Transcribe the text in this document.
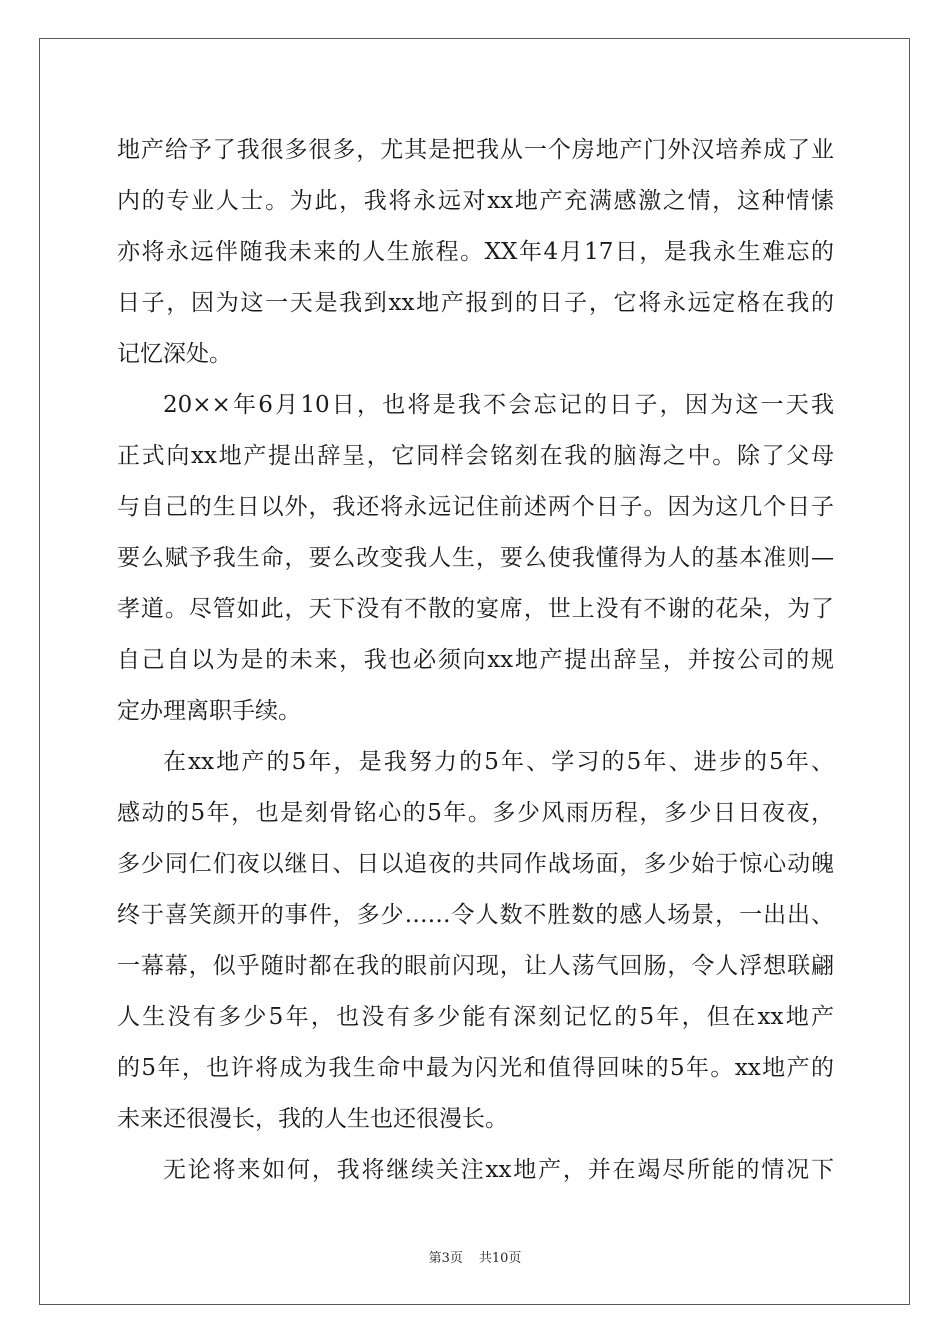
地产给予了我很多很多，尤其是把我从一个房地产门外汉培养成了业
内的专业人士。为此，我将永远对xx地产充满感激之情，这种情愫
亦将永远伴随我未来的人生旅程。XX年4月17日，是我永生难忘的
日子，因为这一天是我到xx地产报到的日子，它将永远定格在我的
记忆深处。
20××年6月10日，也将是我不会忘记的日子，因为这一天我
正式向xx地产提出辞呈，它同样会铭刻在我的脑海之中。除了父母
与自己的生日以外，我还将永远记住前述两个日子。因为这几个日子
要么赋予我生命，要么改变我人生，要么使我懂得为人的基本准则—
孝道。尽管如此，天下没有不散的宴席，世上没有不谢的花朵，为了
自己自以为是的未来，我也必须向xx地产提出辞呈，并按公司的规
定办理离职手续。
在xx地产的5年，是我努力的5年、学习的5年、进步的5年、
感动的5年，也是刻骨铭心的5年。多少风雨历程，多少日日夜夜，
多少同仁们夜以继日、日以追夜的共同作战场面，多少始于惊心动魄
终于喜笑颜开的事件，多少……令人数不胜数的感人场景，一出出、
一幕幕，似乎随时都在我的眼前闪现，让人荡气回肠，令人浮想联翩
人生没有多少5年，也没有多少能有深刻记忆的5年，但在xx地产
的5年，也许将成为我生命中最为闪光和值得回味的5年。xx地产的
未来还很漫长，我的人生也还很漫长。
无论将来如何，我将继续关注xx地产，并在竭尽所能的情况下
第3页 共10页
